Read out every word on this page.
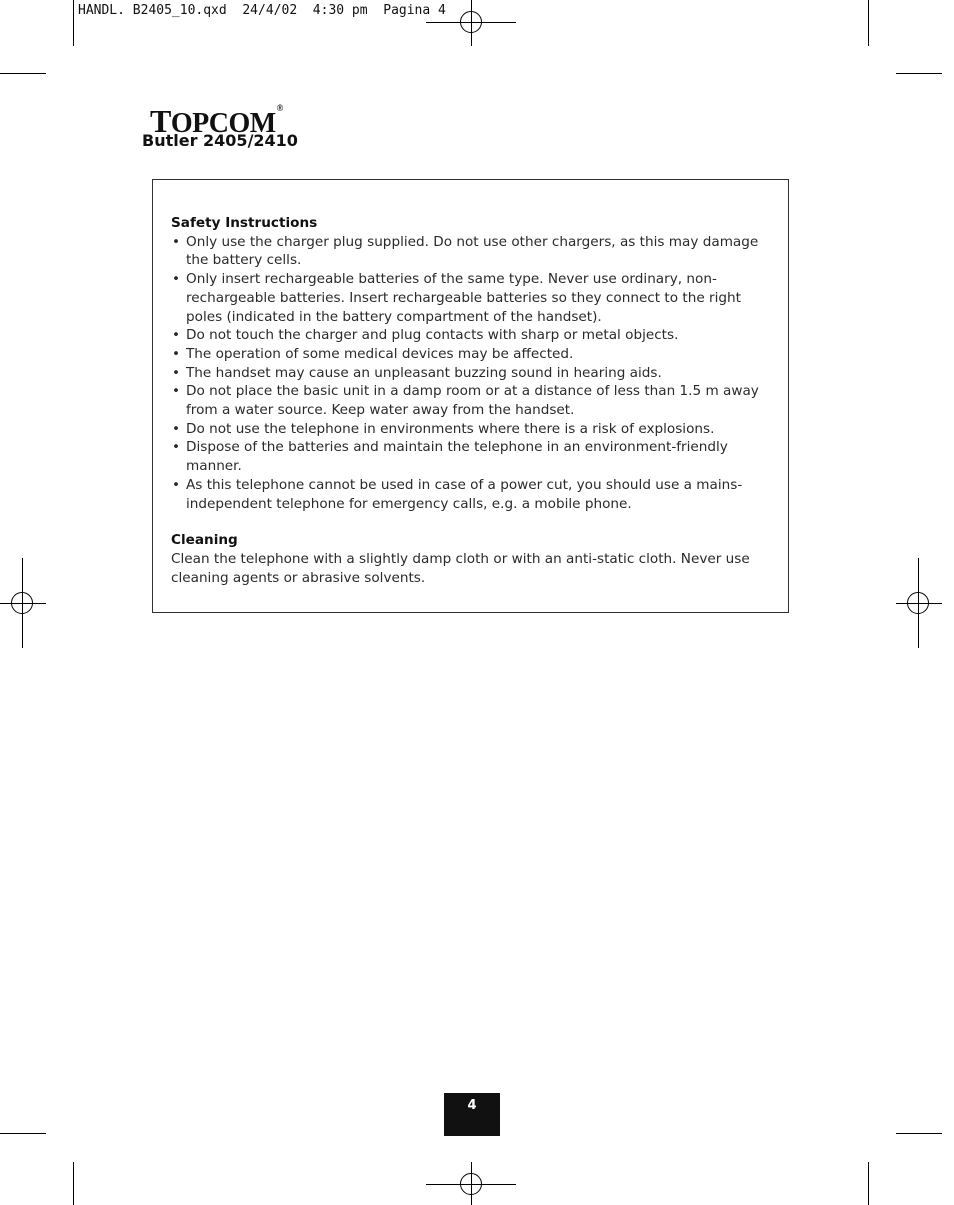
HANDL. B2405_10.qxd  24/4/02  4:30 pm  Pagina 4
TOPCOM®
Butler 2405/2410

Safety Instructions

• Only use the charger plug supplied. Do not use other chargers, as this may damage the battery cells.
• Only insert rechargeable batteries of the same type. Never use ordinary, non-rechargeable batteries. Insert rechargeable batteries so they connect to the right poles (indicated in the battery compartment of the handset).
• Do not touch the charger and plug contacts with sharp or metal objects.
• The operation of some medical devices may be affected.
• The handset may cause an unpleasant buzzing sound in hearing aids.
• Do not place the basic unit in a damp room or at a distance of less than 1.5 m away from a water source. Keep water away from the handset.
• Do not use the telephone in environments where there is a risk of explosions.
• Dispose of the batteries and maintain the telephone in an environment-friendly manner.
• As this telephone cannot be used in case of a power cut, you should use a mains-independent telephone for emergency calls, e.g. a mobile phone.

Cleaning

Clean the telephone with a slightly damp cloth or with an anti-static cloth. Never use cleaning agents or abrasive solvents.

4
